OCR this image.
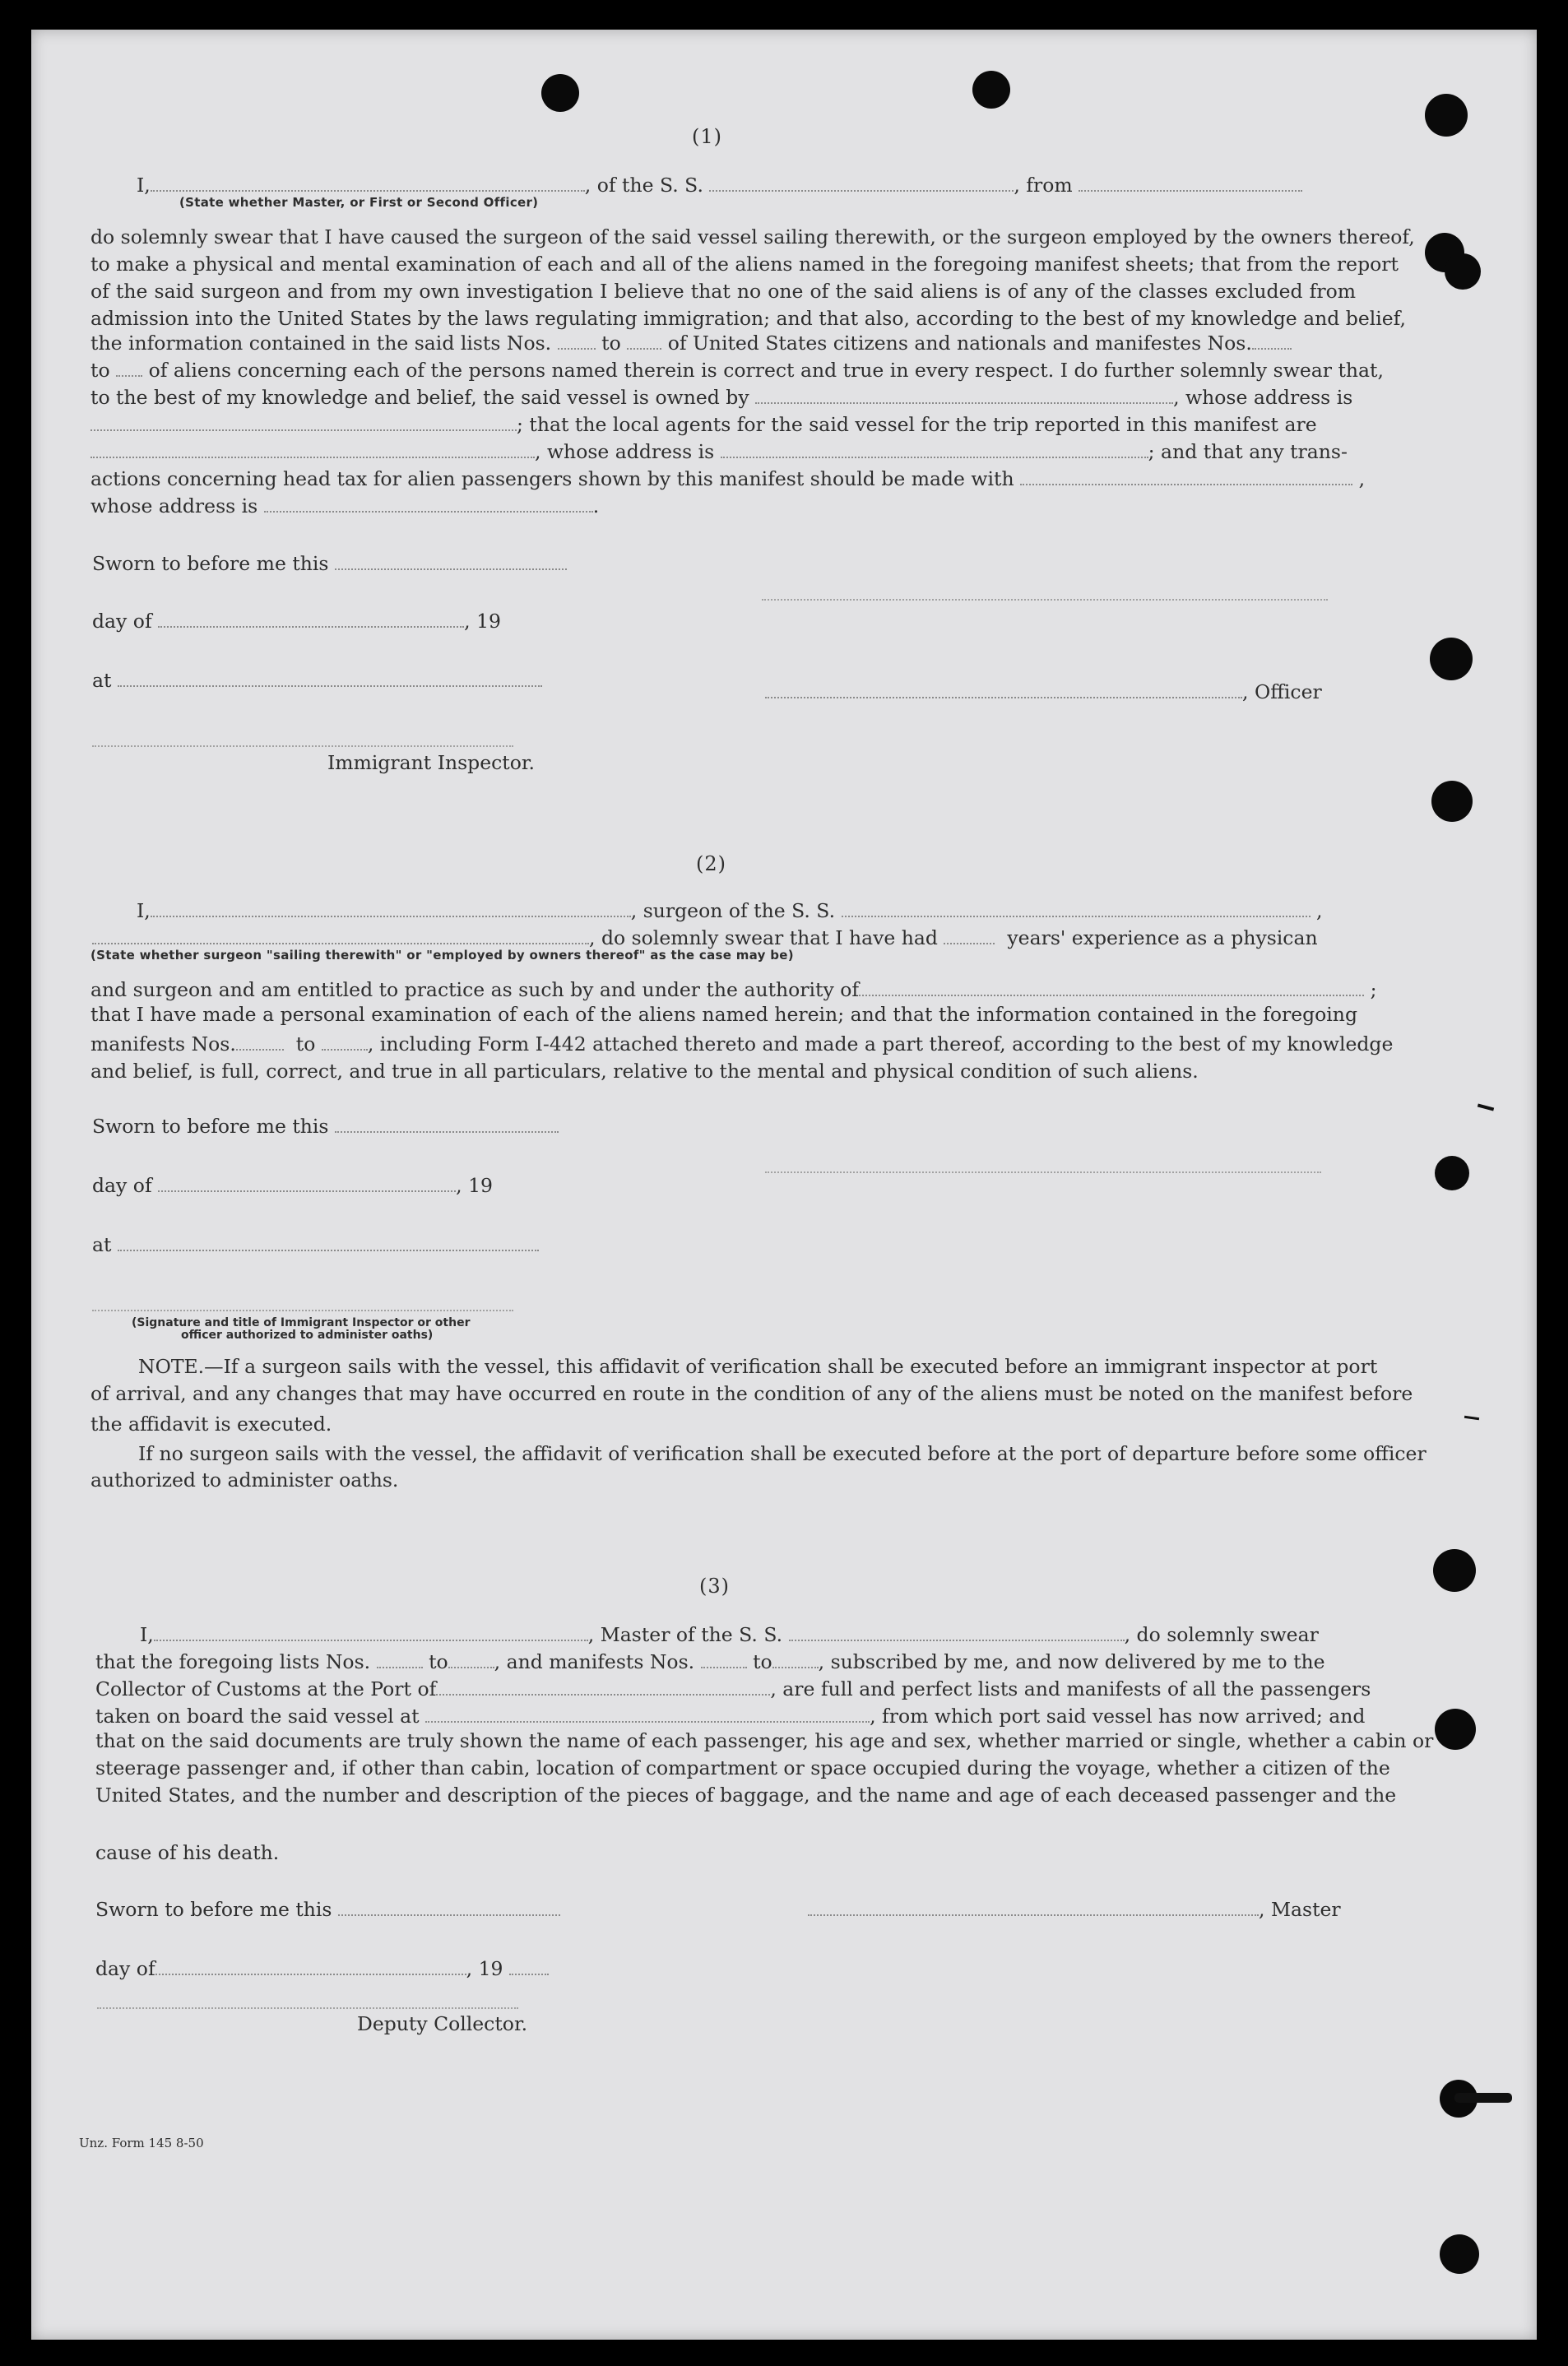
(1)
I,	, of the S. S.	, from
(State whether Master, or First or Second Officer)
do solemnly swear that I have caused the surgeon of the said vessel sailing therewith, or the surgeon employed by the owners thereof,
to make a physical and mental examination of each and all of the aliens named in the foregoing manifest sheets; that from the report
of the said surgeon and from my own investigation I believe that no one of the said aliens is of any of the classes excluded from
admission into the United States by the laws regulating immigration; and that also, according to the best of my knowledge and belief,
the information contained in the said lists Nos.	to of United States citizens and nationals and manifestes Nos.
to of aliens concerning each of the persons named therein is correct and true in every respect. I do further solemnly swear that,
to the best of my knowledge and belief, the said vessel is owned by	, whose address is
; that the local agents for the said vessel for the trip reported in this manifest are
, whose address is	; and that any trans-
actions concerning head tax for alien passengers shown by this manifest should be made with	,
whose address is	.
Sworn to before me this
day of	, 19
at	, Officer
Immigrant Inspector.
(2)
I,	, surgeon of the S. S.	,
, do solemnly swear that I have had	years' experience as a physican
(State whether surgeon "sailing therewith" or "employed by owners thereof" as the case may be)
and surgeon and am entitled to practice as such by and under the authority of	;
that I have made a personal examination of each of the aliens named herein; and that the information contained in the foregoing
manifests Nos.	to	, including Form I-442 attached thereto and made a part thereof, according to the best of my knowledge
and belief, is full, correct, and true in all particulars, relative to the mental and physical condition of such aliens.
Sworn to before me this
day of	, 19
at
(Signature and title of Immigrant Inspector or other
officer authorized to administer oaths)
NOTE.—If a surgeon sails with the vessel, this affidavit of verification shall be executed before an immigrant inspector at port
of arrival, and any changes that may have occurred en route in the condition of any of the aliens must be noted on the manifest before
the affidavit is executed.
If no surgeon sails with the vessel, the affidavit of verification shall be executed before at the port of departure before some officer
authorized to administer oaths.
(3)
I,	, Master of the S. S.	, do solemnly swear
that the foregoing lists Nos.	to , and manifests Nos.	to , subscribed by me, and now delivered by me to the
Collector of Customs at the Port of	, are full and perfect lists and manifests of all the passengers
taken on board the said vessel at	, from which port said vessel has now arrived; and
that on the said documents are truly shown the name of each passenger, his age and sex, whether married or single, whether a cabin or
steerage passenger and, if other than cabin, location of compartment or space occupied during the voyage, whether a citizen of the
United States, and the number and description of the pieces of baggage, and the name and age of each deceased passenger and the
cause of his death.
Sworn to before me this	, Master
day of	, 19
Deputy Collector.
Unz. Form 145 8-50
